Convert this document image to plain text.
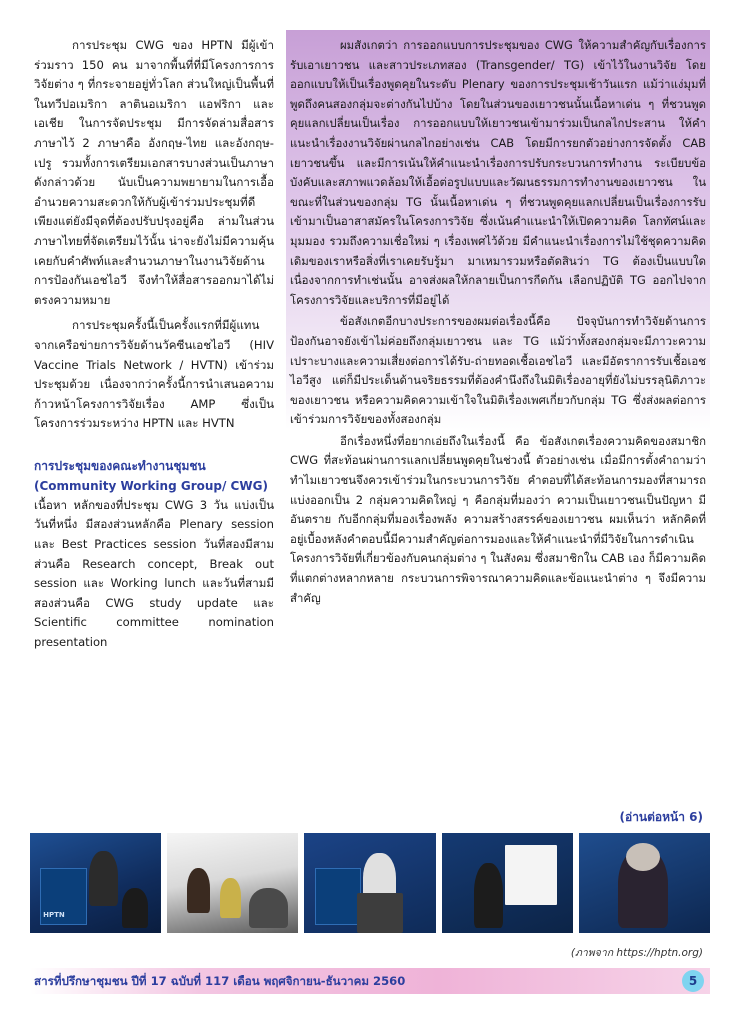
การประชุม CWG ของ HPTN มีผู้เข้าร่วมราว 150 คน มาจากพื้นที่ที่มีโครงการการวิจัยต่าง ๆ ที่กระจายอยู่ทั่วโลก ส่วนใหญ่เป็นพื้นที่ในทวีปอเมริกา ลาตินอเมริกา แอฟริกา และเอเชีย ในการจัดประชุม มีการจัดล่ามสื่อสารภาษาไว้ 2 ภาษาคือ อังกฤษ-ไทย และอังกฤษ-เปรู รวมทั้งการเตรียมเอกสารบางส่วนเป็นภาษาดังกล่าวด้วย นับเป็นความพยายามในการเอื้ออำนวยความสะดวกให้กับผู้เข้าร่วมประชุมที่ดี เพียงแต่ยังมีจุดที่ต้องปรับปรุงอยู่คือ ล่ามในส่วนภาษาไทยที่จัดเตรียมไว้นั้น น่าจะยังไม่มีความคุ้นเคยกับคำศัพท์และสำนวนภาษาในงานวิจัยด้านการป้องกันเอชไอวี จึงทำให้สื่อสารออกมาได้ไม่ตรงความหมาย

การประชุมครั้งนี้เป็นครั้งแรกที่มีผู้แทนจากเครือข่ายการวิจัยด้านวัคซีนเอชไอวี (HIV Vaccine Trials Network / HVTN) เข้าร่วมประชุมด้วย เนื่องจากว่าครั้งนี้การนำเสนอความก้าวหน้าโครงการวิจัยเรื่อง AMP ซึ่งเป็นโครงการร่วมระหว่าง HPTN และ HVTN

การประชุมของคณะทำงานชุมชน
(Community Working Group/ CWG)

เนื้อหา หลักของที่ประชุม CWG 3 วัน แบ่งเป็นวันที่หนึ่ง มีสองส่วนหลักคือ Plenary session และ Best Practices session วันที่สองมีสามส่วนคือ Research concept, Break out session และ Working lunch และวันที่สามมีสองส่วนคือ CWG study update และ Scientific committee nomination presentation

ผมสังเกตว่า การออกแบบการประชุมของ CWG ให้ความสำคัญกับเรื่องการรับเอาเยาวชน และสาวประเภทสอง (Transgender/ TG) เข้าไว้ในงานวิจัย โดยออกแบบให้เป็นเรื่องพูดคุยในระดับ Plenary ของการประชุมเช้าวันแรก แม้ว่าแง่มุมที่พูดถึงคนสองกลุ่มจะต่างกันไปบ้าง โดยในส่วนของเยาวชนนั้นเนื้อหาเด่น ๆ ที่ชวนพูดคุยแลกเปลี่ยนเป็นเรื่อง การออกแบบให้เยาวชนเข้ามาร่วมเป็นกลไกประสาน ให้คำแนะนำเรื่องงานวิจัยผ่านกลไกอย่างเช่น CAB โดยมีการยกตัวอย่างการจัดตั้ง CAB เยาวชนขึ้น และมีการเน้นให้คำแนะนำเรื่องการปรับกระบวนการทำงาน ระเบียบข้อบังคับและสภาพแวดล้อมให้เอื้อต่อรูปแบบและวัฒนธรรมการทำงานของเยาวชน ในขณะที่ในส่วนของกลุ่ม TG นั้นเนื้อหาเด่น ๆ ที่ชวนพูดคุยแลกเปลี่ยนเป็นเรื่องการรับเข้ามาเป็นอาสาสมัครในโครงการวิจัย ซึ่งเน้นคำแนะนำให้เปิดความคิด โลกทัศน์และมุมมอง รวมถึงความเชื่อใหม่ ๆ เรื่องเพศไว้ด้วย มีคำแนะนำเรื่องการไม่ใช้ชุดความคิดเดิมของเราหรือสิ่งที่เราเคยรับรู้มา มาเหมารวมหรือตัดสินว่า TG ต้องเป็นแบบใด เนื่องจากการทำเช่นนั้น อาจส่งผลให้กลายเป็นการกีดกัน เลือกปฏิบัติ TG ออกไปจากโครงการวิจัยและบริการที่มีอยู่ได้

ข้อสังเกตอีกบางประการของผมต่อเรื่องนี้คือ ปัจจุบันการทำวิจัยด้านการป้องกันอาจยังเข้าไม่ค่อยถึงกลุ่มเยาวชน และ TG แม้ว่าทั้งสองกลุ่มจะมีภาวะความเปราะบางและความเสี่ยงต่อการได้รับ-ถ่ายทอดเชื้อเอชไอวี และมีอัตราการรับเชื้อเอชไอวีสูง แต่ก็มีประเด็นด้านจริยธรรมที่ต้องคำนึงถึงในมิติเรื่องอายุที่ยังไม่บรรลุนิติภาวะของเยาวชน หรือความคิดความเข้าใจในมิติเรื่องเพศเกี่ยวกับกลุ่ม TG ซึ่งส่งผลต่อการเข้าร่วมการวิจัยของทั้งสองกลุ่ม

อีกเรื่องหนึ่งที่อยากเอ่ยถึงในเรื่องนี้ คือ ข้อสังเกตเรื่องความคิดของสมาชิก CWG ที่สะท้อนผ่านการแลกเปลี่ยนพูดคุยในช่วงนี้ ตัวอย่างเช่น เมื่อมีการตั้งคำถามว่า ทำไมเยาวชนจึงควรเข้าร่วมในกระบวนการวิจัย คำตอบที่ได้สะท้อนการมองที่สามารถแบ่งออกเป็น 2 กลุ่มความคิดใหญ่ ๆ คือกลุ่มที่มองว่า ความเป็นเยาวชนเป็นปัญหา มีอันตราย กับอีกกลุ่มที่มองเรื่องพลัง ความสร้างสรรค์ของเยาวชน ผมเห็นว่า หลักคิดที่อยู่เบื้องหลังคำตอบนี้มีความสำคัญต่อการมองและให้คำแนะนำที่มีวิจัยในการดำเนินโครงการวิจัยที่เกี่ยวข้องกับคนกลุ่มต่าง ๆ ในสังคม ซึ่งสมาชิกใน CAB เอง ก็มีความคิดที่แตกต่างหลากหลาย กระบวนการพิจารณาความคิดและข้อแนะนำต่าง ๆ จึงมีความสำคัญ

(อ่านต่อหน้า 6)
HPTN
(ภาพจาก https://hptn.org)
สารที่ปรึกษาชุมชน ปีที่ 17 ฉบับที่ 117 เดือน พฤศจิกายน-ธันวาคม 2560	5
